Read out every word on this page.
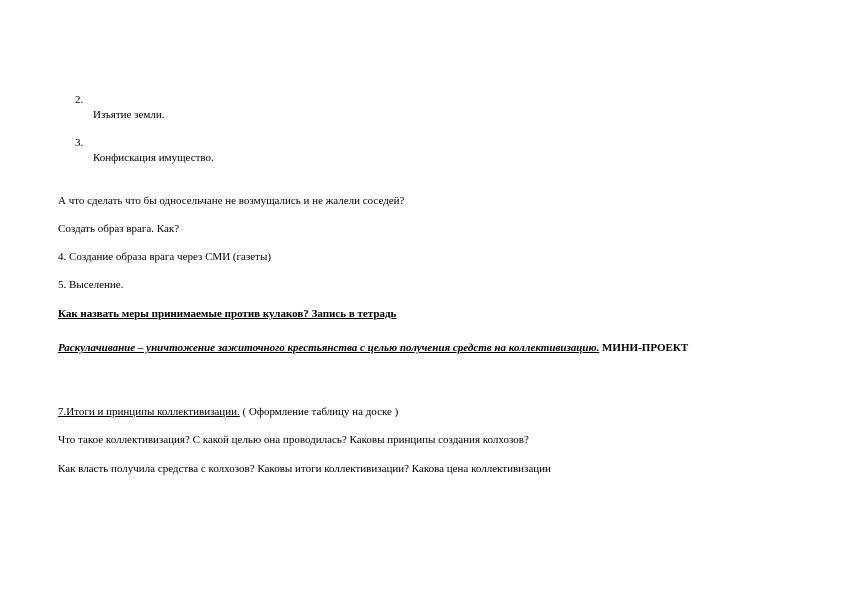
2.
Изъятие земли.
3.
Конфискация имущество.
А что сделать что бы односельчане не возмущались и не жалели соседей?
Создать образ врага. Как?
4. Создание образа врага через СМИ (газеты)
5. Выселение.
Как назвать меры принимаемые против кулаков? Запись в тетрадь
Раскулачивание – уничтожение зажиточного крестьянства с целью получения средств на коллективизацию. МИНИ-ПРОЕКТ
7.Итоги и принципы коллективизации. ( Оформление таблицу на доске )
Что такое коллективизация? С какой целью она проводилась? Каковы принципы создания колхозов?
Как власть получила средства с колхозов? Каковы итоги коллективизации? Какова цена коллективизации
